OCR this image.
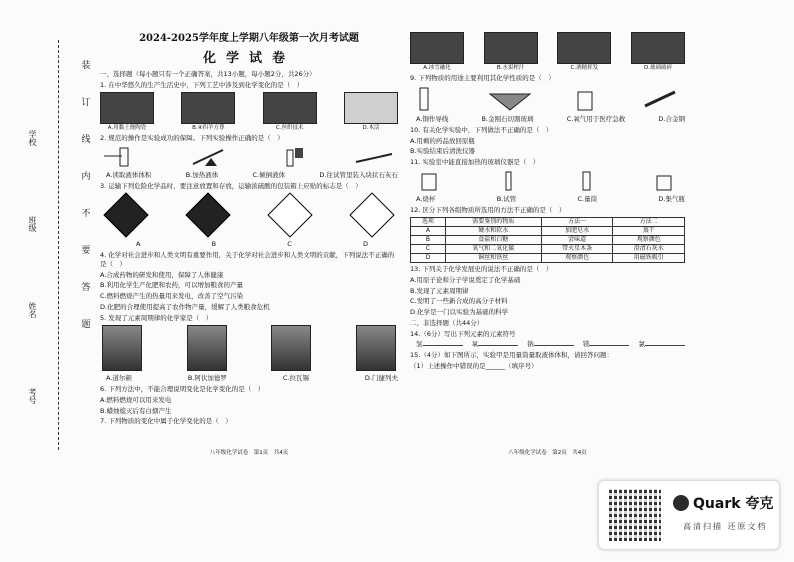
装
订
线
内
不
要
答
题
学校
班级
姓名
考号
2024-2025学年度上学期八年级第一次月考试题
化学试卷
一、选择题（每小题只有一个正确答案，共13小题，每小题2分，共26分）
1. 在中华悠久的生产生活史中，下列工艺中涉及到化学变化的是（　）
A.用黏土烧陶瓷	B.④四羊方尊	C.丝织技术	D.木活
2. 规范的操作是实验成功的保障。下列实验操作正确的是（　）
A.读取液体体积	B.加热液体	C.倾倒液体	D.往试管里装入块状石灰石
3. 运输下列危险化学品时，要注意放置和存放，运输浓硫酸的包装箱上应贴的标志是（　）
A	B	C	D
4. 化学对社会进步和人类文明有重要作用，关于化学对社会进步和人类文明的贡献，下列说法不正确的是（　）
A.合成药物的研发和使用，保障了人体健康
B.利用化学生产化肥和农药，可以增加粮食的产量
C.燃料燃烧产生的热量用来发电，改善了空气污染
D.化肥的合理使用提高了农作物产量，缓解了人类粮食危机
5. 发现了元素周期律的化学家是（　）
A.道尔顿	B.阿伏加德罗	C.拉瓦锡	D.门捷列夫
6. 下列方法中，不能合理说明变化是化学变化的是（　）
A.燃料燃烧可以用来发电
B.蜡烛熄灭后有白烟产生
7. 下列物质的变化中属于化学变化的是（　）
八年级化学试卷　第1页　共4页
A.冰雪融化	B.水果榨汁	C.酒精挥发	D.玻璃破碎
9. 下列物质的用途主要利用其化学性质的是（　）
A.铜作导线	B.金刚石切割玻璃	C.氧气用于医疗急救	D.合金钢
10. 有关化学实验中，下列做法不正确的是（　）
A.用剩的药品放回原瓶
B.实验结束后清洗仪器
11. 实验室中能直接加热的玻璃仪器是（　）
A.烧杯	B.试管	C.量筒	D.集气瓶
12. 区分下列各组物质所选用的方法不正确的是（　）
选项	需要鉴别的物质	方法一	方法二
A	硬水和软水	加肥皂水	蒸干
B	食盐和白糖	尝味道	观察颜色
C	氧气和二氧化碳	带火星木条	澄清石灰水
D	铜丝和铁丝	观察颜色	用磁铁吸引
13. 下列关于化学发展史的说法不正确的是（　）
A.用原子论和分子学说奠定了化学基础
B.发现了元素周期律
C.发明了一些新合成的高分子材料
D.化学是一门以实验为基础的科学
二、非选择题（共44分）
14.（6分）写出下列元素的元素符号
氢	氧	钠	镁	氯
15.（4分）如下图所示，实验甲是用量筒量取液体体积，请回答问题：
（1）上述操作中错误的是______（填序号）
八年级化学试卷　第2页　共4页
Quark 夸克
高清扫描 还原文档
